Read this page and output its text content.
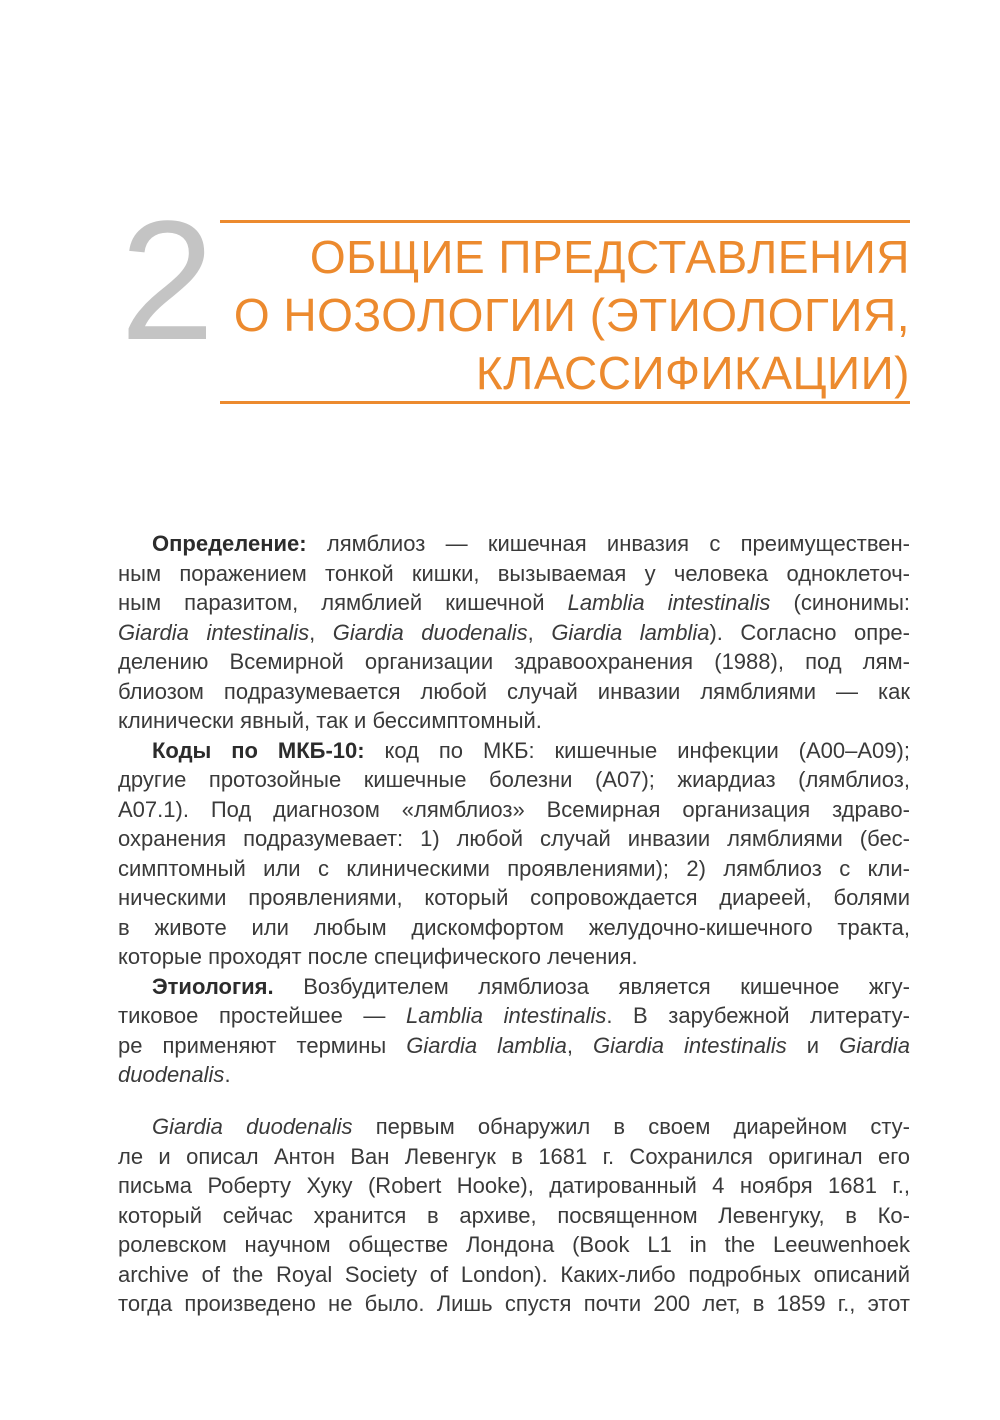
2	ОБЩИЕ ПРЕДСТАВЛЕНИЯ
О НОЗОЛОГИИ (ЭТИОЛОГИЯ,
КЛАССИФИКАЦИИ)
Определение: лямблиоз — кишечная инвазия с преимуществен-
ным поражением тонкой кишки, вызываемая у человека одноклеточ-
ным паразитом, лямблией кишечной Lamblia intestinalis (синонимы:
Giardia intestinalis, Giardia duodenalis, Giardia lamblia). Согласно опре-
делению Всемирной организации здравоохранения (1988), под лям-
блиозом подразумевается любой случай инвазии лямблиями — как
клинически явный, так и бессимптомный.
Коды по МКБ-10: код по МКБ: кишечные инфекции (A00–A09);
другие протозойные кишечные болезни (A07); жиардиаз (лямблиоз,
A07.1). Под диагнозом «лямблиоз» Всемирная организация здраво-
охранения подразумевает: 1) любой случай инвазии лямблиями (бес-
симптомный или с клиническими проявлениями); 2) лямблиоз с кли-
ническими проявлениями, который сопровождается диареей, болями
в животе или любым дискомфортом желудочно-кишечного тракта,
которые проходят после специфического лечения.
Этиология. Возбудителем лямблиоза является кишечное жгу-
тиковое простейшее — Lamblia intestinalis. В зарубежной литерату-
ре применяют термины Giardia lamblia, Giardia intestinalis и Giardia
duodenalis.
Giardia duodenalis первым обнаружил в своем диарейном сту-
ле и описал Антон Ван Левенгук в 1681 г. Сохранился оригинал его
письма Роберту Хуку (Robert Hooke), датированный 4 ноября 1681 г.,
который сейчас хранится в архиве, посвященном Левенгуку, в Ко-
ролевском научном обществе Лондона (Book L1 in the Leeuwenhoek
archive of the Royal Society of London). Каких-либо подробных описаний
тогда произведено не было. Лишь спустя почти 200 лет, в 1859 г., этот
